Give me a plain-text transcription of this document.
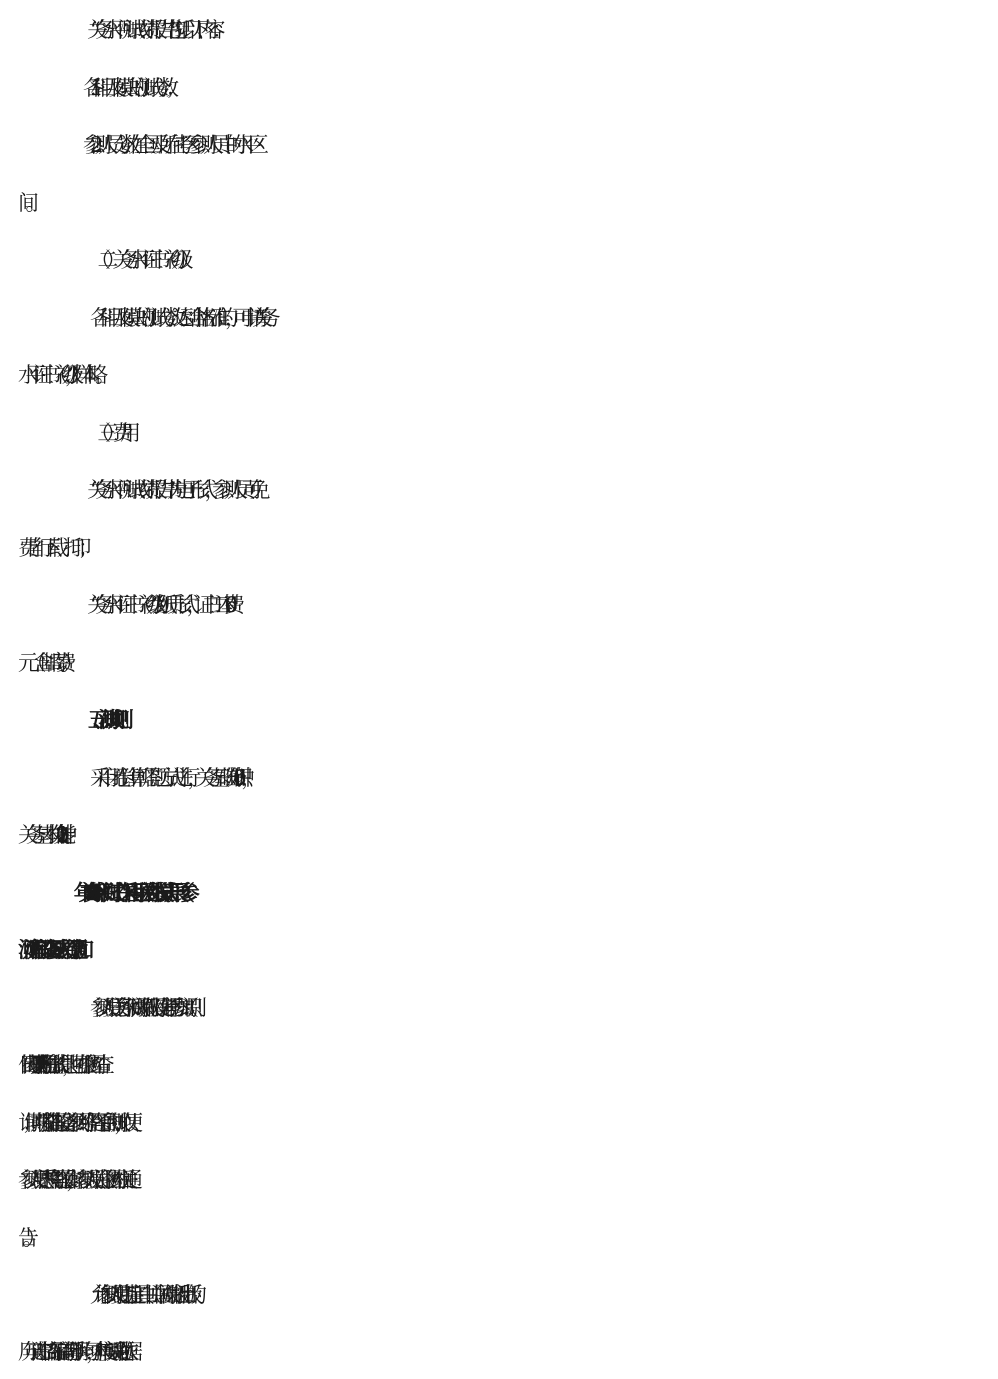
“关务水平测试成绩报告书”包括以下内容：
1.各科目及模块的测试分数；
2.参测人员分数在全国及所在考区参测人员中的水平区
间。
（二）关务水平证书（初级）
各科目及模块的测试分数达到合格标准的，可申请“关务
水平证书（初级）”，样本略。
（三）费用
“关务水平测试成绩报告书”为电子形式，参测人员可免
费自行下载、打印；
“关务水平证书（初级）”为纸质形式，证书工本费 60
元（含邮寄费）。
五、测试规则
采用闭卷计算机答题方式进行，关务基础知识 60 分钟，
关务基本技能 120 分钟。
2025 年关务水平测试工作采用互联网在线模式开展（参
测流程和设备要求另行通知）。
参测人员凭关务水平测试识别代码及准考证号参加（识别
代码于开考前 7 日内以手机短信形式提供，也可在报名网站查
询；同期将安排答题设备、参测网络、答题平台的测试，以便
参测人员熟悉机考答题操作，请参测人员关注报名网站相关通
告）。
允许参测人员使用指定工具书（由中国海关出版社出版的
历年《进出口商品编码查询手册》均可，本年度测试命题依据
